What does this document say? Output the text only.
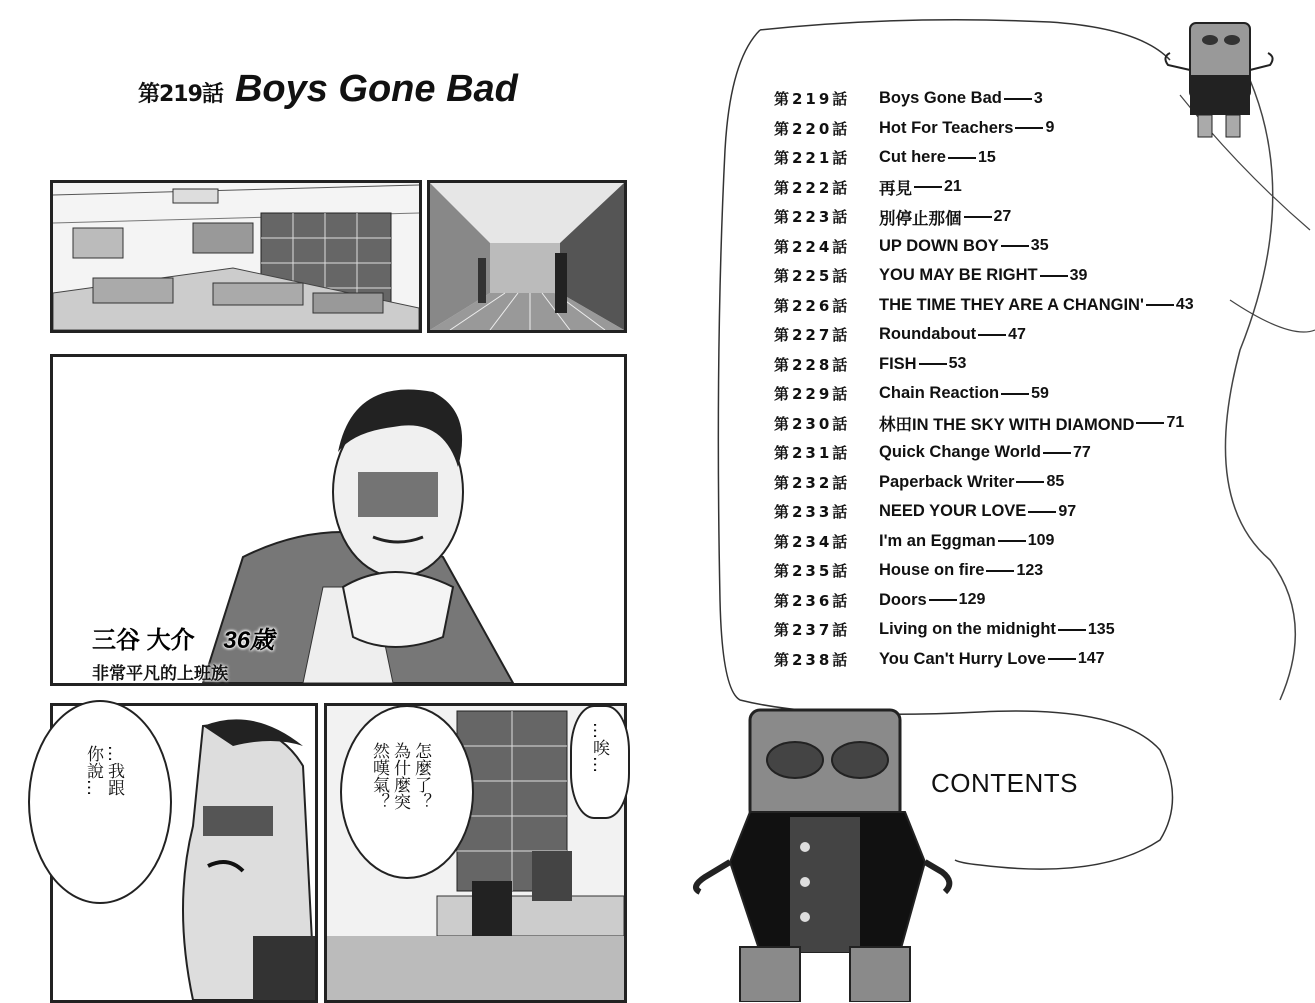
第219話 Boys Gone Bad
三谷 大介 36歳
非常平凡的上班族
…我跟
你說…	怎麼了？
為什麼突
然嘆氣？	…唉…
第219話	Boys Gone Bad 3
第220話	Hot For Teachers 9
第221話	Cut here 15
第222話	再見 21
第223話	別停止那個 27
第224話	UP DOWN BOY 35
第225話	YOU MAY BE RIGHT 39
第226話	THE TIME THEY ARE A CHANGIN' 43
第227話	Roundabout 47
第228話	FISH 53
第229話	Chain Reaction 59
第230話	林田IN THE SKY WITH DIAMOND 71
第231話	Quick Change World 77
第232話	Paperback Writer 85
第233話	NEED YOUR LOVE 97
第234話	I'm an Eggman 109
第235話	House on fire 123
第236話	Doors 129
第237話	Living on the midnight 135
第238話	You Can't Hurry Love 147
CONTENTS
